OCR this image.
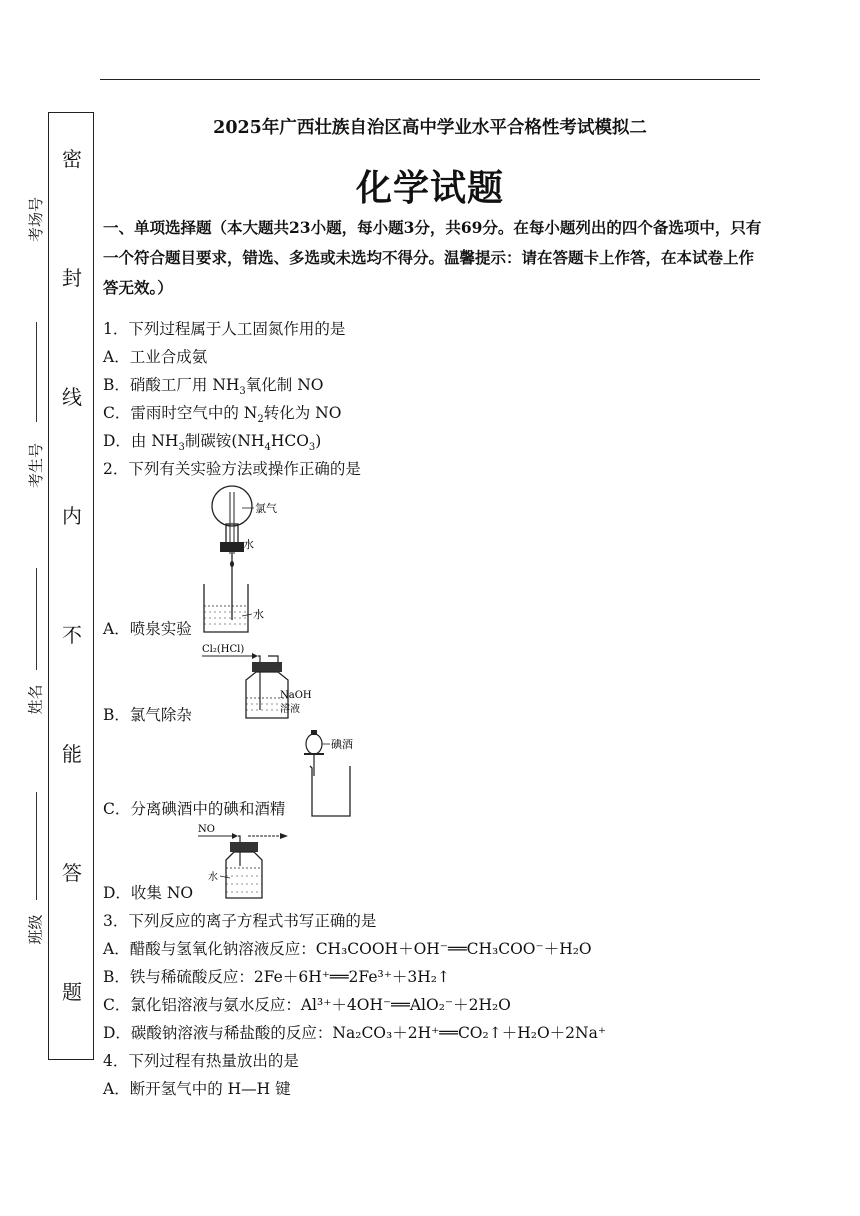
密
封
线
内
不
能
答
题
考场号
考生号
姓名
班级
2025年广西壮族自治区高中学业水平合格性考试模拟二
化学试题
一、单项选择题（本大题共23小题，每小题3分，共69分。在每小题列出的四个备选项中，只有一个符合题目要求，错选、多选或未选均不得分。温馨提示：请在答题卡上作答，在本试卷上作答无效。）
1．下列过程属于人工固氮作用的是
A．工业合成氨
B．硝酸工厂用 $NH_3$氧化制 NO
C．雷雨时空气中的 $N_2$转化为 NO
D．由 $NH_3$制碳铵$(NH_4HCO_3)$
2．下列有关实验方法或操作正确的是
氯气
水
水
A．喷泉实验
Cl₂(HCl)
NaOH
溶液
B．氯气除杂
碘酒
C．分离碘酒中的碘和酒精
NO
水
D．收集 NO
3．下列反应的离子方程式书写正确的是
A．醋酸与氢氧化钠溶液反应：CH₃COOH＋OH⁻══CH₃COO⁻＋H₂O
B．铁与稀硫酸反应：2Fe＋6H⁺══2Fe³⁺＋3H₂↑
C．氯化铝溶液与氨水反应：Al³⁺＋4OH⁻══AlO₂⁻＋2H₂O
D．碳酸钠溶液与稀盐酸的反应：Na₂CO₃＋2H⁺══CO₂↑＋H₂O＋2Na⁺
4．下列过程有热量放出的是
A．断开氢气中的 H—H 键
